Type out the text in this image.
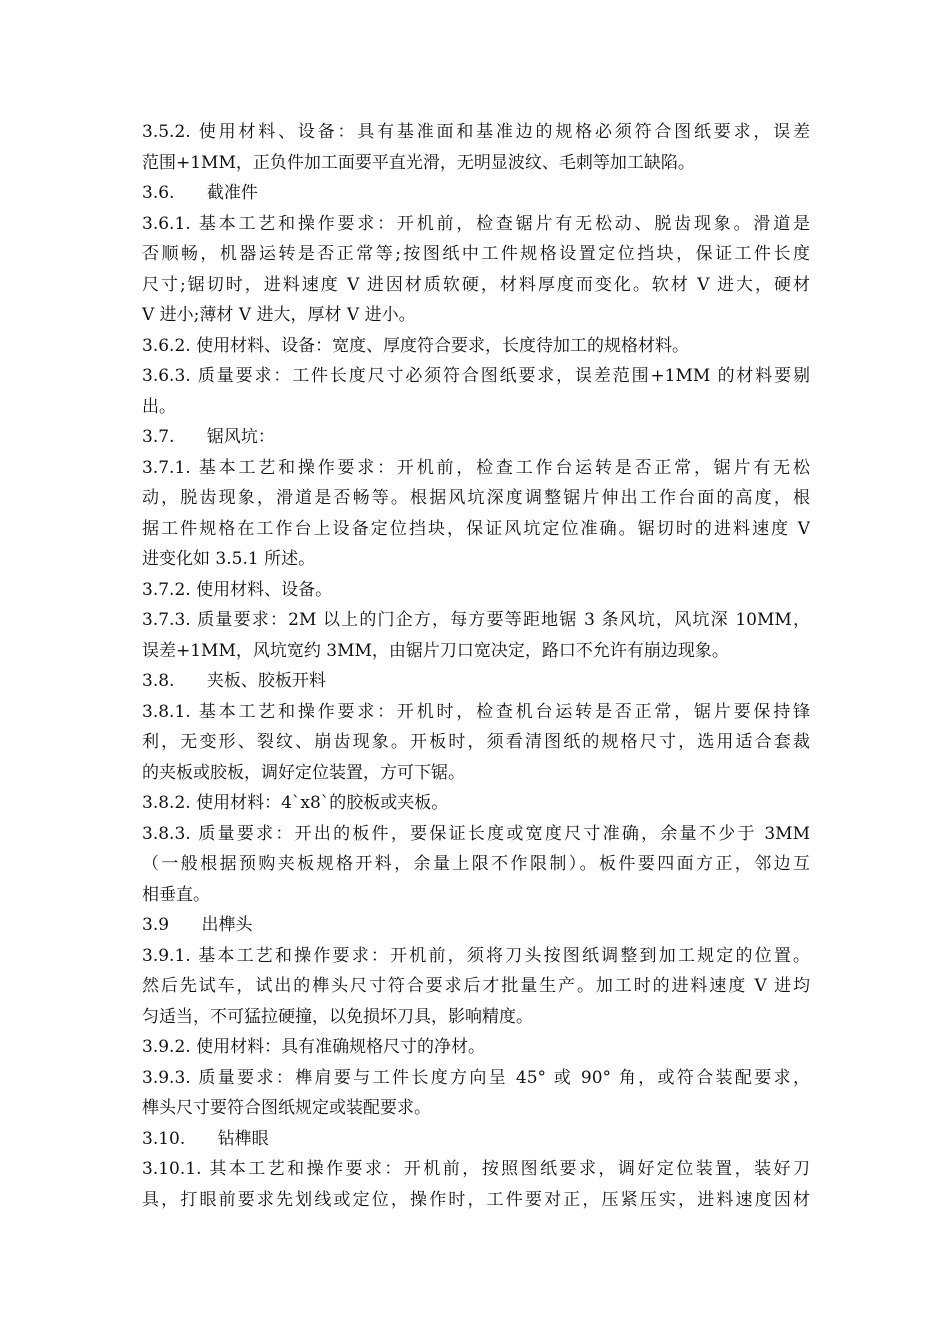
3.5.2. 使用材料、设备：具有基准面和基准边的规格必须符合图纸要求，误差
范围+1MM，正负件加工面要平直光滑，无明显波纹、毛刺等加工缺陷。
3.6.      截准件
3.6.1. 基本工艺和操作要求：开机前，检查锯片有无松动、脱齿现象。滑道是
否顺畅，机器运转是否正常等;按图纸中工件规格设置定位挡块，保证工件长度
尺寸;锯切时，进料速度 V 进因材质软硬，材料厚度而变化。软材 V 进大，硬材
V 进小;薄材 V 进大，厚材 V 进小。
3.6.2. 使用材料、设备：宽度、厚度符合要求，长度待加工的规格材料。
3.6.3. 质量要求：工件长度尺寸必须符合图纸要求，误差范围+1MM 的材料要剔
出。
3.7.      锯风坑：
3.7.1. 基本工艺和操作要求：开机前，检查工作台运转是否正常，锯片有无松
动，脱齿现象，滑道是否畅等。根据风坑深度调整锯片伸出工作台面的高度，根
据工件规格在工作台上设备定位挡块，保证风坑定位准确。锯切时的进料速度 V
进变化如 3.5.1 所述。
3.7.2. 使用材料、设备。
3.7.3. 质量要求：2M 以上的门企方，每方要等距地锯 3 条风坑，风坑深 10MM，
误差+1MM，风坑宽约 3MM，由锯片刀口宽决定，路口不允许有崩边现象。
3.8.      夹板、胶板开料
3.8.1. 基本工艺和操作要求：开机时，检查机台运转是否正常，锯片要保持锋
利，无变形、裂纹、崩齿现象。开板时，须看清图纸的规格尺寸，选用适合套裁
的夹板或胶板，调好定位装置，方可下锯。
3.8.2. 使用材料：4`x8`的胶板或夹板。
3.8.3. 质量要求：开出的板件，要保证长度或宽度尺寸准确，余量不少于 3MM
（一般根据预购夹板规格开料，余量上限不作限制）。板件要四面方正，邻边互
相垂直。
3.9      出榫头
3.9.1. 基本工艺和操作要求：开机前，须将刀头按图纸调整到加工规定的位置。
然后先试车，试出的榫头尺寸符合要求后才批量生产。加工时的进料速度 V 进均
匀适当，不可猛拉硬撞，以免损坏刀具，影响精度。
3.9.2. 使用材料：具有准确规格尺寸的净材。
3.9.3. 质量要求：榫肩要与工件长度方向呈 45° 或 90° 角，或符合装配要求，
榫头尺寸要符合图纸规定或装配要求。
3.10.      钻榫眼
3.10.1. 其本工艺和操作要求：开机前，按照图纸要求，调好定位装置，装好刀
具，打眼前要求先划线或定位，操作时，工件要对正，压紧压实，进料速度因材
